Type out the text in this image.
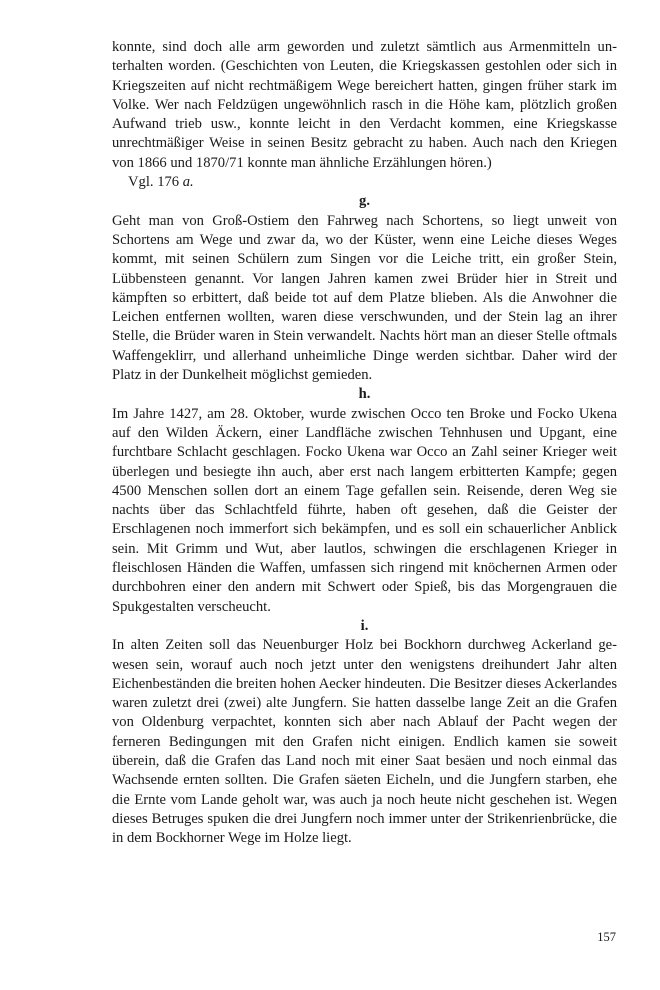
konnte, sind doch alle arm geworden und zuletzt sämtlich aus Armenmitteln unterhalten worden. (Geschichten von Leuten, die Kriegskassen gestohlen oder sich in Kriegszeiten auf nicht rechtmäßigem Wege bereichert hatten, gingen früher stark im Volke. Wer nach Feldzügen ungewöhnlich rasch in die Höhe kam, plötzlich großen Aufwand trieb usw., konnte leicht in den Verdacht kommen, eine Kriegskasse unrechtmäßiger Weise in seinen Besitz gebracht zu haben. Auch nach den Kriegen von 1866 und 1870/71 konnte man ähnliche Erzählungen hören.)

Vgl. 176 a.

g.

Geht man von Groß-Ostiem den Fahrweg nach Schortens, so liegt unweit von Schortens am Wege und zwar da, wo der Küster, wenn eine Leiche dieses Weges kommt, mit seinen Schülern zum Singen vor die Leiche tritt, ein großer Stein, Lübbensteen genannt. Vor langen Jahren kamen zwei Brüder hier in Streit und kämpften so erbittert, daß beide tot auf dem Platze blieben. Als die Anwohner die Leichen entfernen wollten, waren diese verschwunden, und der Stein lag an ihrer Stelle, die Brüder waren in Stein verwandelt. Nachts hört man an dieser Stelle oftmals Waffengeklirr, und allerhand unheimliche Dinge werden sichtbar. Daher wird der Platz in der Dunkelheit möglichst gemieden.

h.

Im Jahre 1427, am 28. Oktober, wurde zwischen Occo ten Broke und Focko Ukena auf den Wilden Äckern, einer Landfläche zwischen Tehnhusen und Upgant, eine furchtbare Schlacht geschlagen. Focko Ukena war Occo an Zahl seiner Krieger weit überlegen und besiegte ihn auch, aber erst nach langem erbitterten Kampfe; gegen 4500 Menschen sollen dort an einem Tage gefallen sein. Reisende, deren Weg sie nachts über das Schlachtfeld führte, haben oft gesehen, daß die Geister der Erschlagenen noch immerfort sich bekämpfen, und es soll ein schauerlicher Anblick sein. Mit Grimm und Wut, aber lautlos, schwingen die erschlagenen Krieger in fleischlosen Händen die Waffen, umfassen sich ringend mit knöchernen Armen oder durchbohren einer den andern mit Schwert oder Spieß, bis das Morgengrauen die Spukgestalten verscheucht.

i.

In alten Zeiten soll das Neuenburger Holz bei Bockhorn durchweg Ackerland gewesen sein, worauf auch noch jetzt unter den wenigstens dreihundert Jahr alten Eichenbeständen die breiten hohen Aecker hindeuten. Die Besitzer dieses Ackerlandes waren zuletzt drei (zwei) alte Jungfern. Sie hatten dasselbe lange Zeit an die Grafen von Oldenburg verpachtet, konnten sich aber nach Ablauf der Pacht wegen der ferneren Bedingungen mit den Grafen nicht einigen. Endlich kamen sie soweit überein, daß die Grafen das Land noch mit einer Saat besäen und noch einmal das Wachsende ernten sollten. Die Grafen säeten Eicheln, und die Jungfern starben, ehe die Ernte vom Lande geholt war, was auch ja noch heute nicht geschehen ist. Wegen dieses Betruges spuken die drei Jungfern noch immer unter der Strikenrienbrücke, die in dem Bockhorner Wege im Holze liegt.

157
